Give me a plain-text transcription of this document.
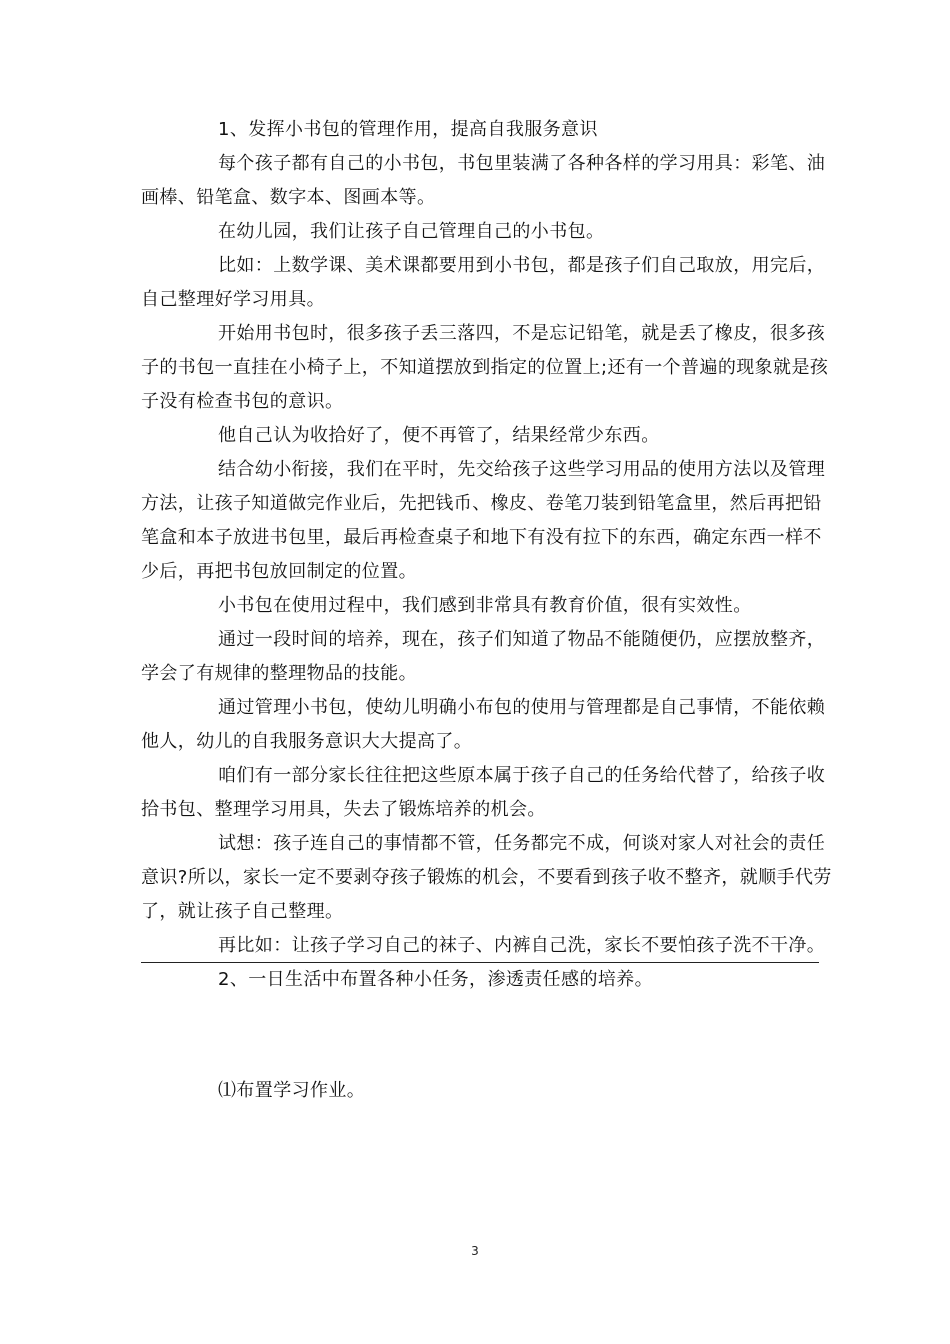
1、发挥小书包的管理作用，提高自我服务意识
每个孩子都有自己的小书包，书包里装满了各种各样的学习用具：彩笔、油
画棒、铅笔盒、数字本、图画本等。
在幼儿园，我们让孩子自己管理自己的小书包。
比如：上数学课、美术课都要用到小书包，都是孩子们自己取放，用完后，
自己整理好学习用具。
开始用书包时，很多孩子丢三落四，不是忘记铅笔，就是丢了橡皮，很多孩
子的书包一直挂在小椅子上，不知道摆放到指定的位置上;还有一个普遍的现象就是孩
子没有检查书包的意识。
他自己认为收拾好了，便不再管了，结果经常少东西。
结合幼小衔接，我们在平时，先交给孩子这些学习用品的使用方法以及管理
方法，让孩子知道做完作业后，先把钱币、橡皮、卷笔刀装到铅笔盒里，然后再把铅
笔盒和本子放进书包里，最后再检查桌子和地下有没有拉下的东西，确定东西一样不
少后，再把书包放回制定的位置。
小书包在使用过程中，我们感到非常具有教育价值，很有实效性。
通过一段时间的培养，现在，孩子们知道了物品不能随便仍，应摆放整齐，
学会了有规律的整理物品的技能。
通过管理小书包，使幼儿明确小布包的使用与管理都是自己事情，不能依赖
他人，幼儿的自我服务意识大大提高了。
咱们有一部分家长往往把这些原本属于孩子自己的任务给代替了，给孩子收
拾书包、整理学习用具，失去了锻炼培养的机会。
试想：孩子连自己的事情都不管，任务都完不成，何谈对家人对社会的责任
意识?所以，家长一定不要剥夺孩子锻炼的机会，不要看到孩子收不整齐，就顺手代劳
了，就让孩子自己整理。
再比如：让孩子学习自己的袜子、内裤自己洗，家长不要怕孩子洗不干净。
2、一日生活中布置各种小任务，渗透责任感的培养。
⑴布置学习作业。
3
